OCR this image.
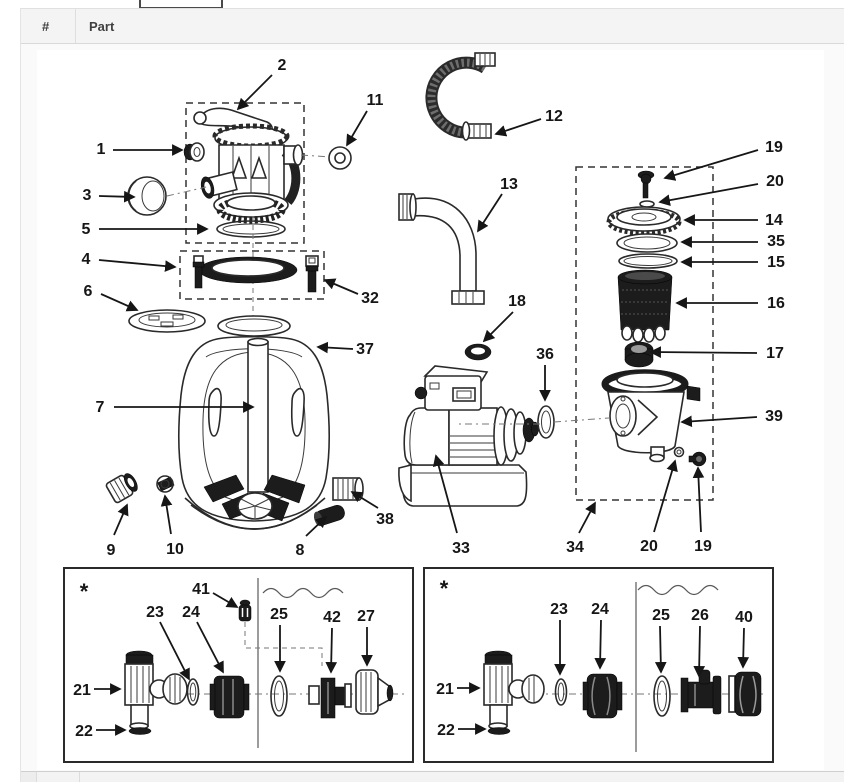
#	Part
2
11
1
3
5
4
6	32
12
13
19
20
14
35
15
16
17
39
37
18
36
7
9	10	8
38
33	34	20 19
41
23 24	25 42 27
21
22
23 24	25 26 40
21
22
*	*
